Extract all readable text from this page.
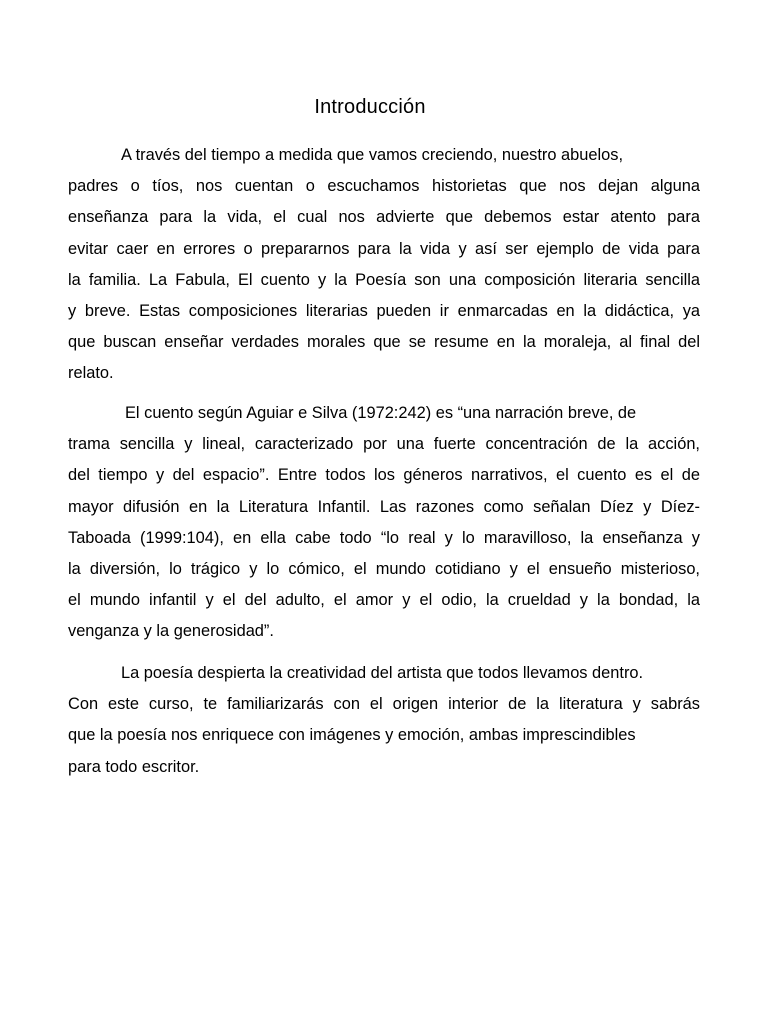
Introducción
A través del tiempo a medida que vamos creciendo, nuestro abuelos,
padres o tíos, nos cuentan o escuchamos historietas que nos dejan alguna
enseñanza para la vida, el cual nos advierte que debemos estar atento para
evitar caer en errores o prepararnos para la vida y así ser ejemplo de vida para
la familia. La Fabula, El cuento y la Poesía son una composición literaria sencilla
y breve. Estas composiciones literarias pueden ir enmarcadas en la didáctica, ya
que buscan enseñar verdades morales que se resume en la moraleja, al final del
relato.
El cuento según Aguiar e Silva (1972:242) es “una narración breve, de
trama sencilla y lineal, caracterizado por una fuerte concentración de la acción,
del tiempo y del espacio”. Entre todos los géneros narrativos, el cuento es el de
mayor difusión en la Literatura Infantil. Las razones como señalan Díez y Díez-
Taboada (1999:104), en ella cabe todo “lo real y lo maravilloso, la enseñanza y
la diversión, lo trágico y lo cómico, el mundo cotidiano y el ensueño misterioso,
el mundo infantil y el del adulto, el amor y el odio, la crueldad y la bondad, la
venganza y la generosidad”.
La poesía despierta la creatividad del artista que todos llevamos dentro.
Con este curso, te familiarizarás con el origen interior de la literatura y sabrás
que la poesía nos enriquece con imágenes y emoción, ambas imprescindibles
para todo escritor.
